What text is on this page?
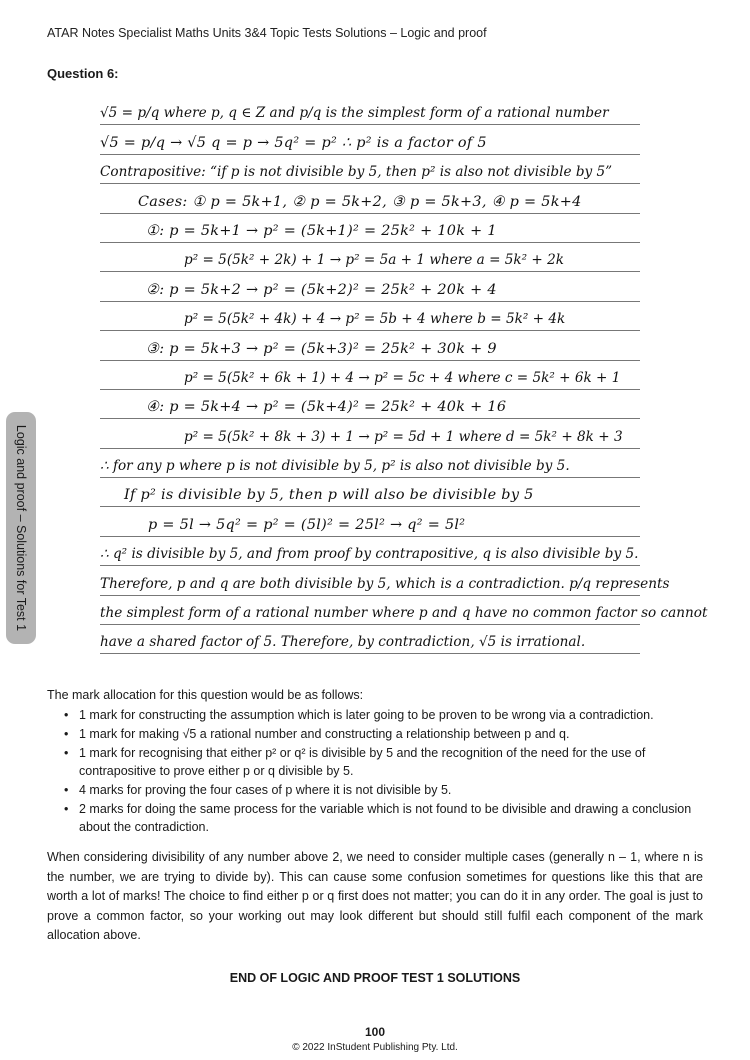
ATAR Notes Specialist Maths Units 3&4 Topic Tests Solutions – Logic and proof
Question 6:
Logic and proof – Solutions for Test 1
√5 = p/q where p, q ∈ Z and p/q is the simplest form of a rational number
√5 = p/q → √5 q = p → 5q² = p² ∴ p² is a factor of 5
Contrapositive: “if p is not divisible by 5, then p² is also not divisible by 5”
Cases: ① p = 5k+1, ② p = 5k+2, ③ p = 5k+3, ④ p = 5k+4
①: p = 5k+1 → p² = (5k+1)² = 25k² + 10k + 1
p² = 5(5k² + 2k) + 1 → p² = 5a + 1 where a = 5k² + 2k
②: p = 5k+2 → p² = (5k+2)² = 25k² + 20k + 4
p² = 5(5k² + 4k) + 4 → p² = 5b + 4 where b = 5k² + 4k
③: p = 5k+3 → p² = (5k+3)² = 25k² + 30k + 9
p² = 5(5k² + 6k + 1) + 4 → p² = 5c + 4 where c = 5k² + 6k + 1
④: p = 5k+4 → p² = (5k+4)² = 25k² + 40k + 16
p² = 5(5k² + 8k + 3) + 1 → p² = 5d + 1 where d = 5k² + 8k + 3
∴ for any p where p is not divisible by 5, p² is also not divisible by 5.
If p² is divisible by 5, then p will also be divisible by 5
p = 5l → 5q² = p² = (5l)² = 25l² → q² = 5l²
∴ q² is divisible by 5, and from proof by contrapositive, q is also divisible by 5.
Therefore, p and q are both divisible by 5, which is a contradiction. p/q represents
the simplest form of a rational number where p and q have no common factor so cannot
have a shared factor of 5. Therefore, by contradiction, √5 is irrational.
The mark allocation for this question would be as follows:
• 1 mark for constructing the assumption which is later going to be proven to be wrong via a contradiction.
• 1 mark for making √5 a rational number and constructing a relationship between p and q.
• 1 mark for recognising that either p² or q² is divisible by 5 and the recognition of the need for the use of contrapositive to prove either p or q divisible by 5.
• 4 marks for proving the four cases of p where it is not divisible by 5.
• 2 marks for doing the same process for the variable which is not found to be divisible and drawing a conclusion about the contradiction.
When considering divisibility of any number above 2, we need to consider multiple cases (generally n – 1, where n is the number, we are trying to divide by). This can cause some confusion sometimes for questions like this that are worth a lot of marks! The choice to find either p or q first does not matter; you can do it in any order. The goal is just to prove a common factor, so your working out may look different but should still fulfil each component of the mark allocation above.
END OF LOGIC AND PROOF TEST 1 SOLUTIONS
100
© 2022 InStudent Publishing Pty. Ltd.
